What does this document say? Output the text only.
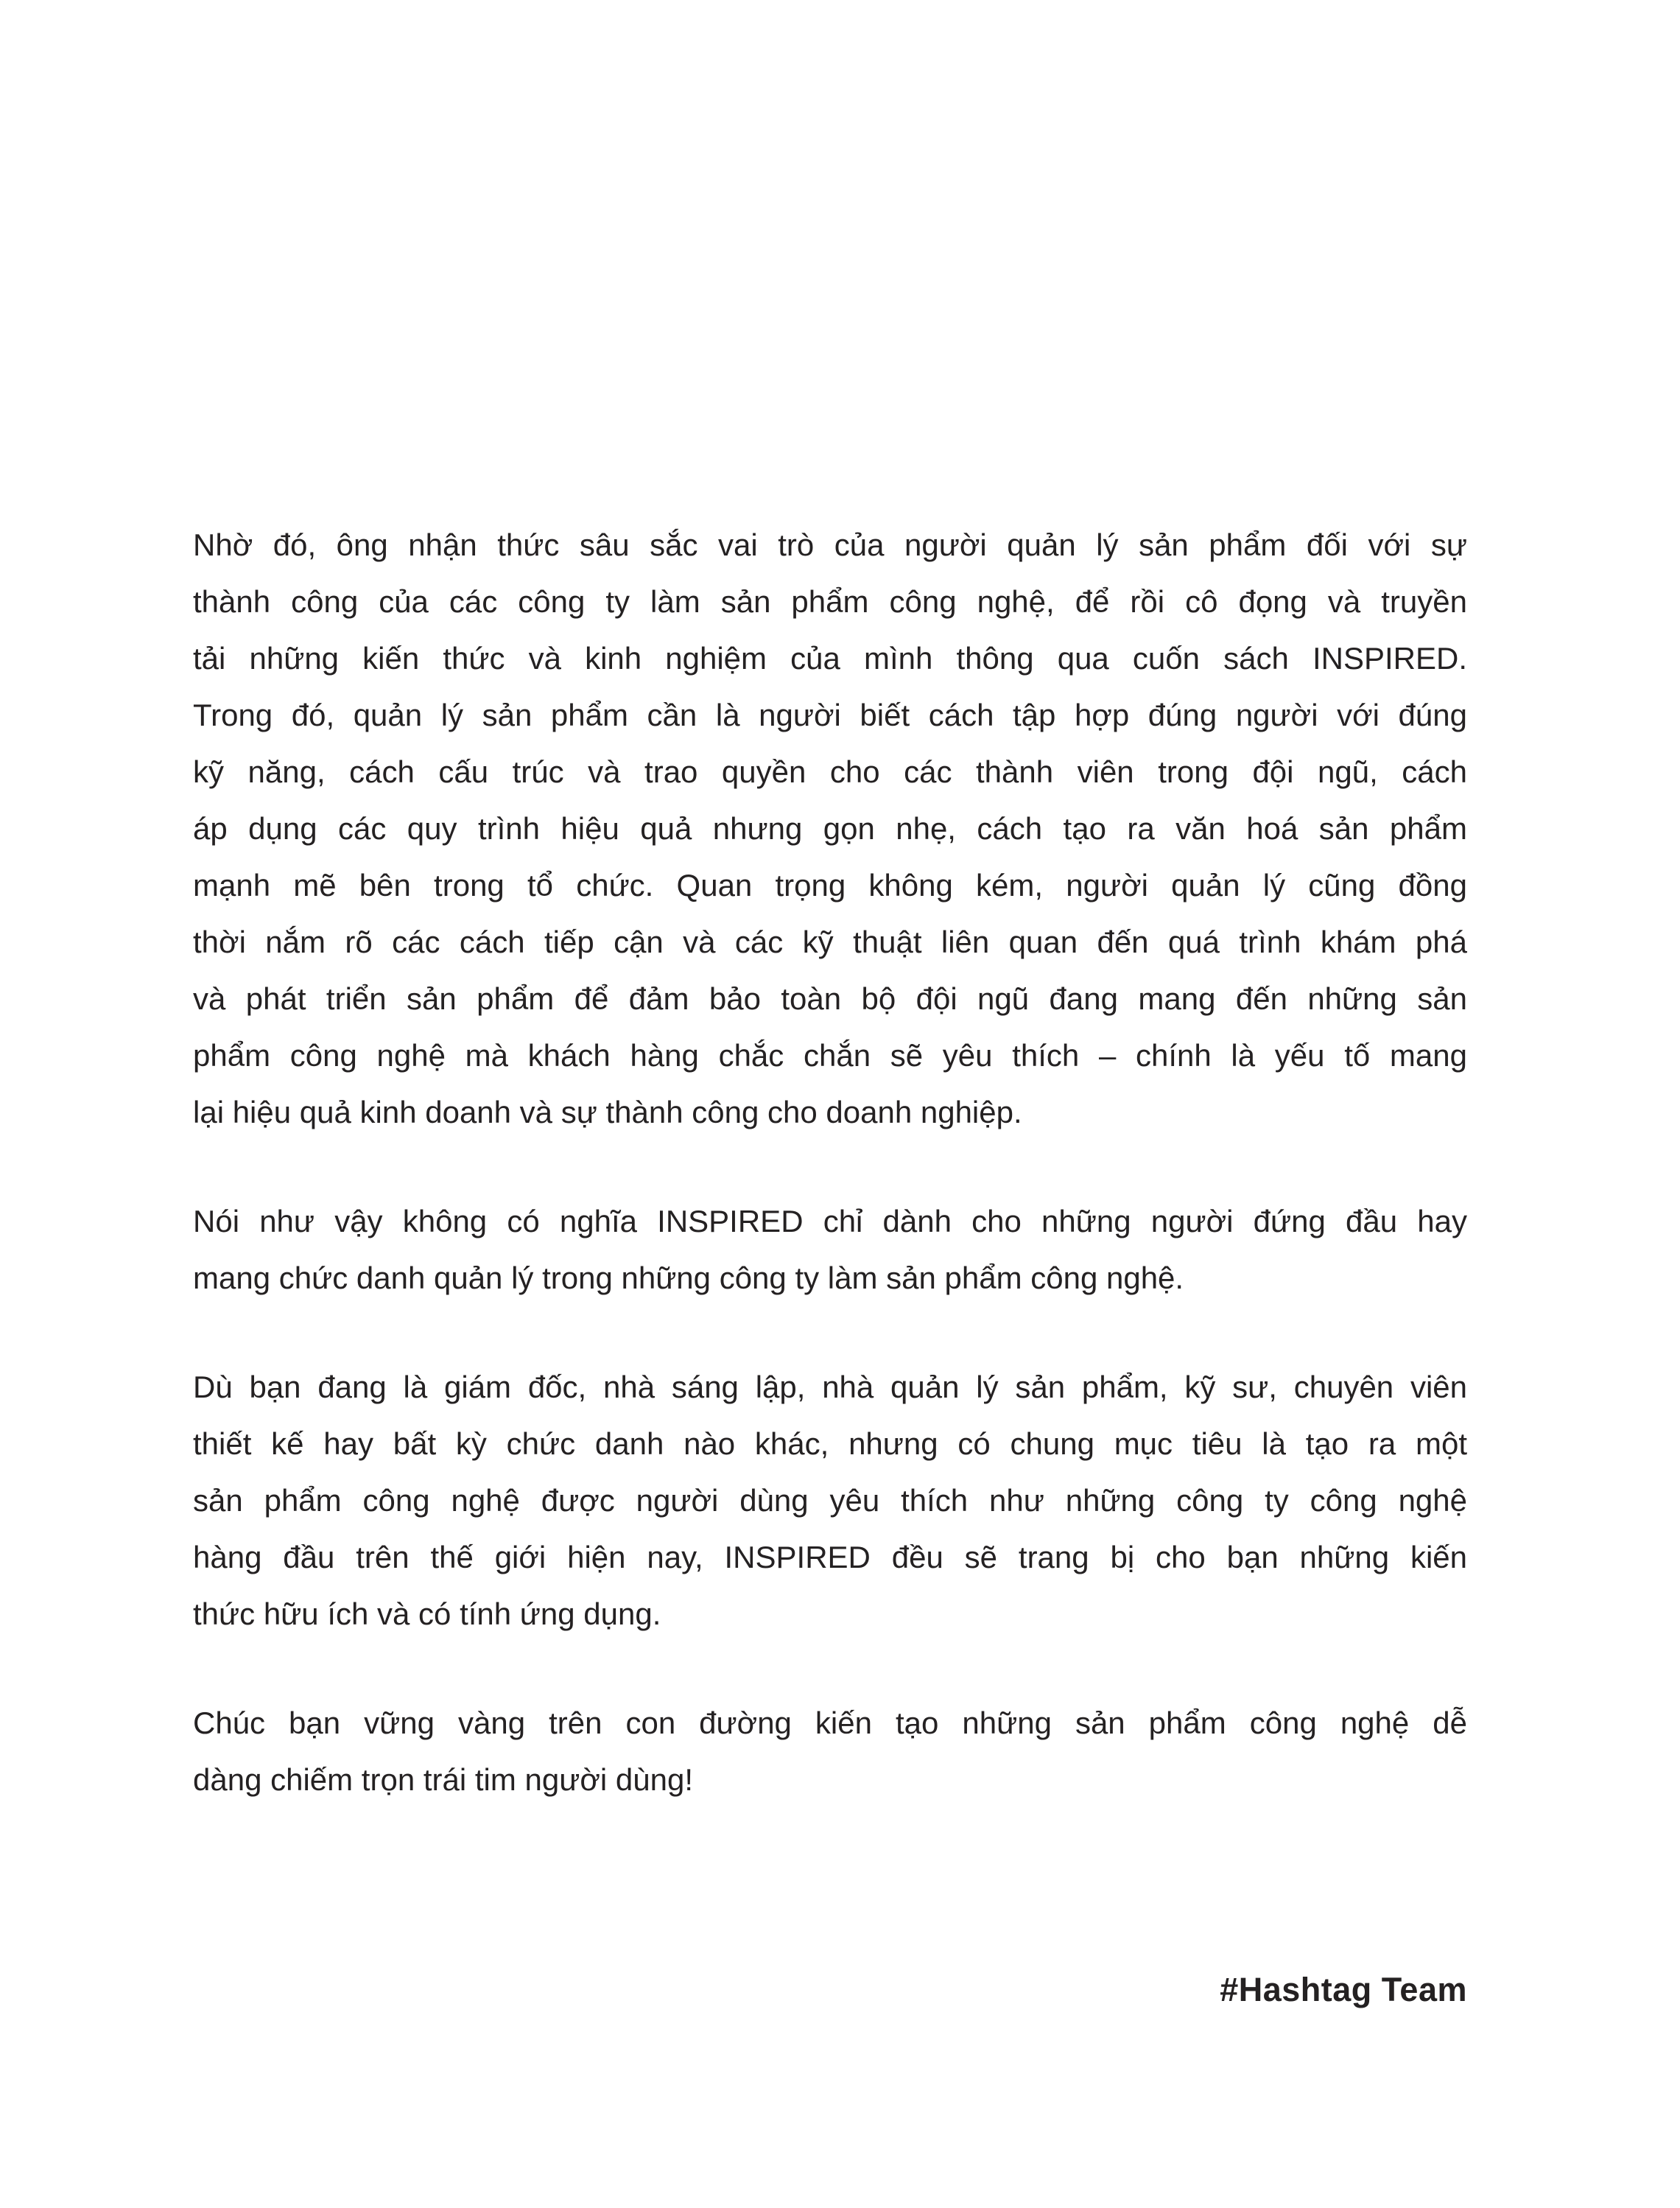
Nhờ đó, ông nhận thức sâu sắc vai trò của người quản lý sản phẩm đối với sự
thành công của các công ty làm sản phẩm công nghệ, để rồi cô đọng và truyền
tải những kiến thức và kinh nghiệm của mình thông qua cuốn sách INSPIRED.
Trong đó, quản lý sản phẩm cần là người biết cách tập hợp đúng người với đúng
kỹ năng, cách cấu trúc và trao quyền cho các thành viên trong đội ngũ, cách
áp dụng các quy trình hiệu quả nhưng gọn nhẹ, cách tạo ra văn hoá sản phẩm
mạnh mẽ bên trong tổ chức. Quan trọng không kém, người quản lý cũng đồng
thời nắm rõ các cách tiếp cận và các kỹ thuật liên quan đến quá trình khám phá
và phát triển sản phẩm để đảm bảo toàn bộ đội ngũ đang mang đến những sản
phẩm công nghệ mà khách hàng chắc chắn sẽ yêu thích – chính là yếu tố mang
lại hiệu quả kinh doanh và sự thành công cho doanh nghiệp.

Nói như vậy không có nghĩa INSPIRED chỉ dành cho những người đứng đầu hay
mang chức danh quản lý trong những công ty làm sản phẩm công nghệ.

Dù bạn đang là giám đốc, nhà sáng lập, nhà quản lý sản phẩm, kỹ sư, chuyên viên
thiết kế hay bất kỳ chức danh nào khác, nhưng có chung mục tiêu là tạo ra một
sản phẩm công nghệ được người dùng yêu thích như những công ty công nghệ
hàng đầu trên thế giới hiện nay, INSPIRED đều sẽ trang bị cho bạn những kiến
thức hữu ích và có tính ứng dụng.

Chúc bạn vững vàng trên con đường kiến tạo những sản phẩm công nghệ dễ
dàng chiếm trọn trái tim người dùng!

#Hashtag Team
